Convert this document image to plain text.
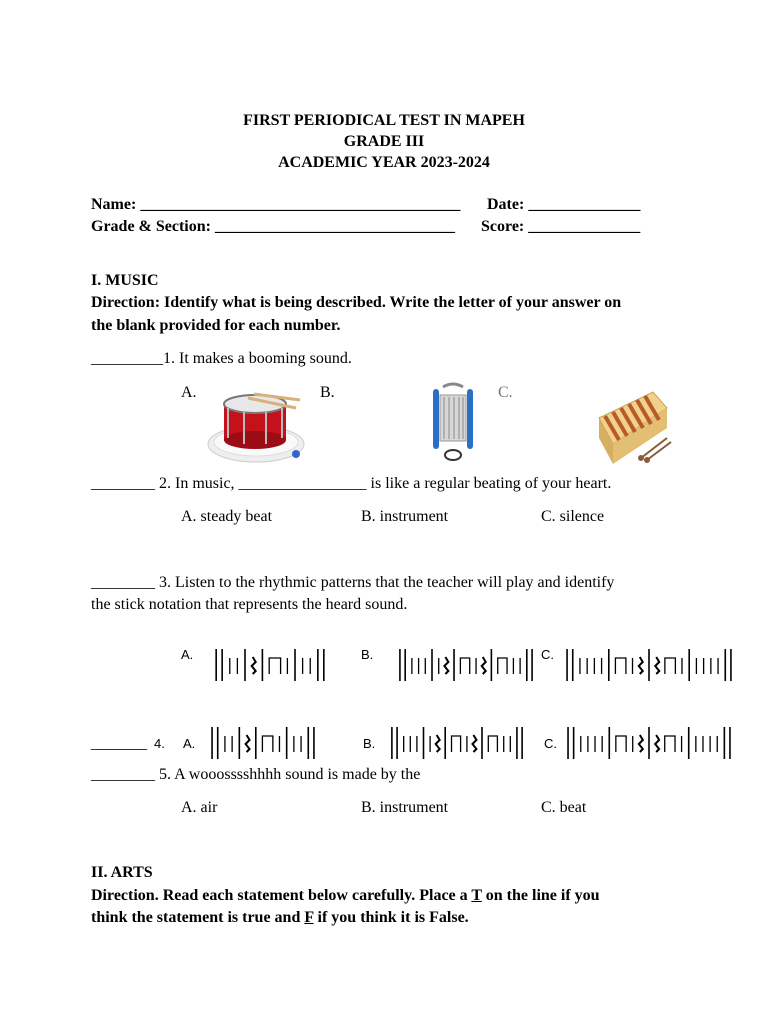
FIRST PERIODICAL TEST IN MAPEH
GRADE III
ACADEMIC YEAR 2023-2024
Name: ________________________________________ Date: ______________
Grade & Section: ______________________________ Score: ______________
I. MUSIC
Direction: Identify what is being described. Write the letter of your answer on
the blank provided for each number.
_________1. It makes a booming sound.
A.	B.	C.
________ 2. In music, ________________ is like a regular beating of your heart.
A. steady beat	B. instrument	C. silence
________ 3. Listen to the rhythmic patterns that the teacher will play and identify
the stick notation that represents the heard sound.
A.	B.	C.
_______ 4. A.	B.	C.
________ 5. A wooosssshhhh sound is made by the
A. air	B. instrument	C. beat
II. ARTS
Direction. Read each statement below carefully. Place a T on the line if you
think the statement is true and F if you think it is False.
